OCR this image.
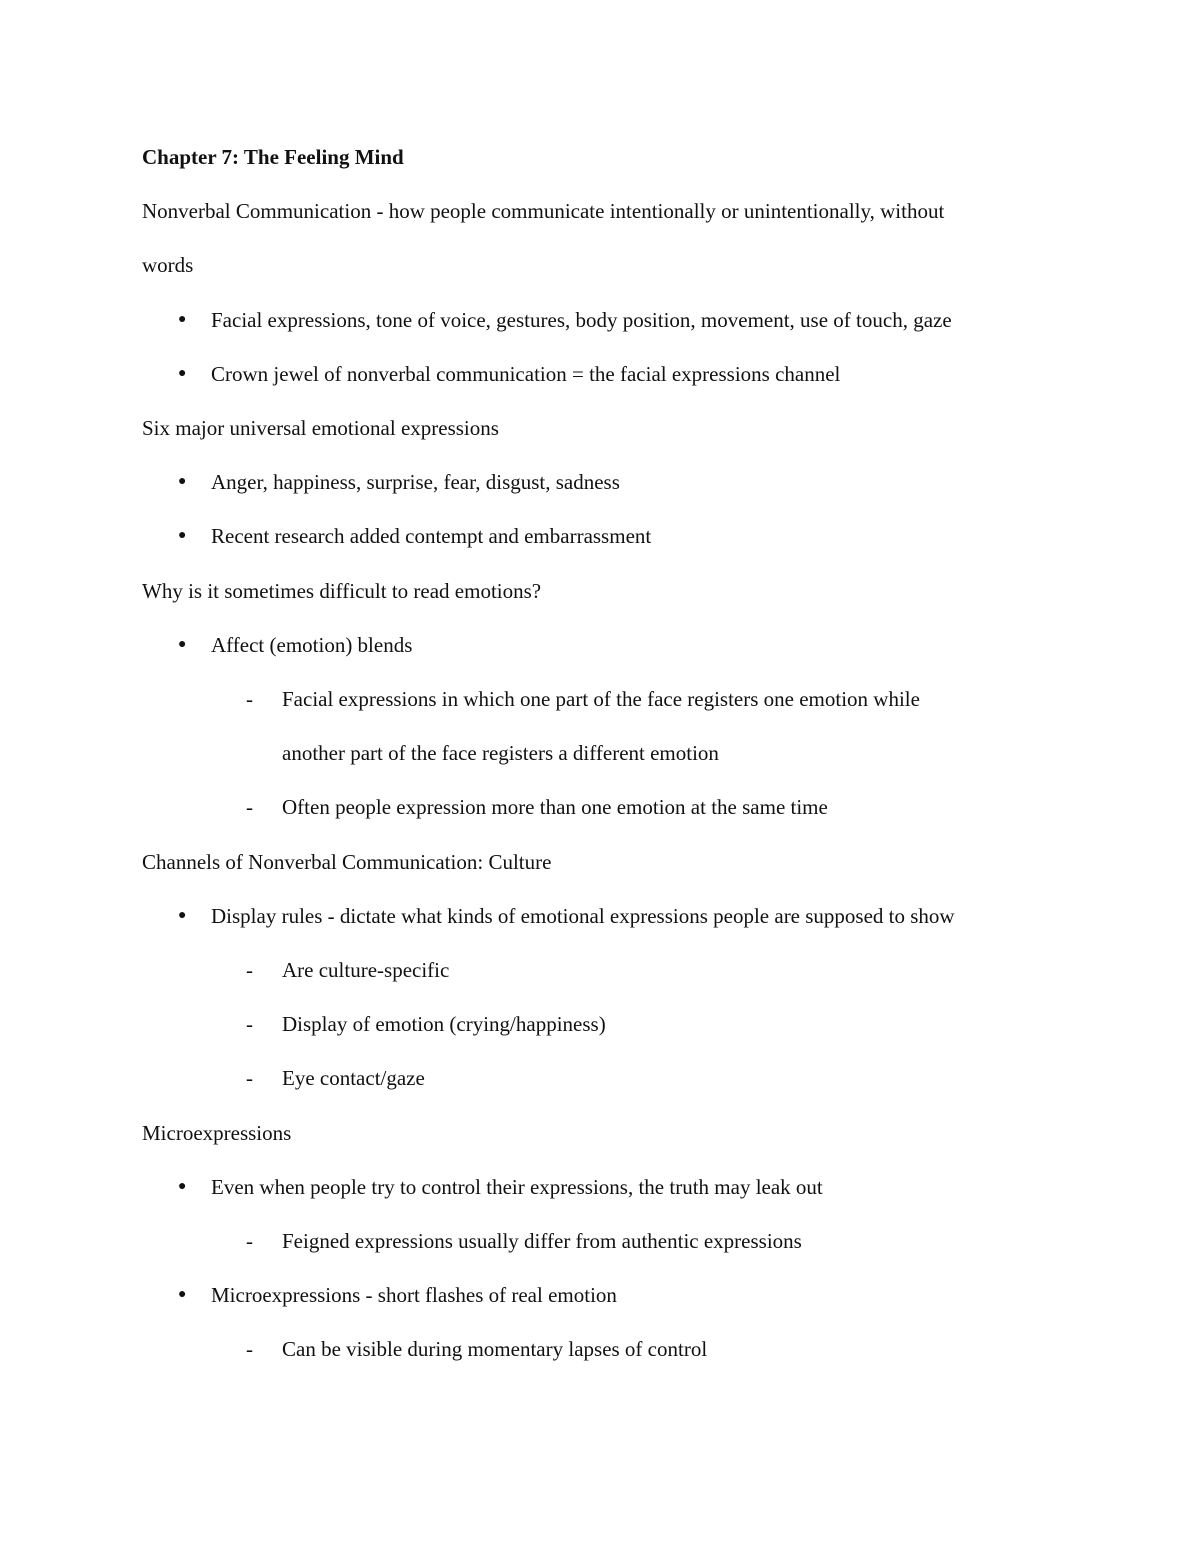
Chapter 7: The Feeling Mind
Nonverbal Communication - how people communicate intentionally or unintentionally, without
words
● Facial expressions, tone of voice, gestures, body position, movement, use of touch, gaze
● Crown jewel of nonverbal communication = the facial expressions channel
Six major universal emotional expressions
● Anger, happiness, surprise, fear, disgust, sadness
● Recent research added contempt and embarrassment
Why is it sometimes difficult to read emotions?
● Affect (emotion) blends
- Facial expressions in which one part of the face registers one emotion while
another part of the face registers a different emotion
- Often people expression more than one emotion at the same time
Channels of Nonverbal Communication: Culture
● Display rules - dictate what kinds of emotional expressions people are supposed to show
- Are culture-specific
- Display of emotion (crying/happiness)
- Eye contact/gaze
Microexpressions
● Even when people try to control their expressions, the truth may leak out
- Feigned expressions usually differ from authentic expressions
● Microexpressions - short flashes of real emotion
- Can be visible during momentary lapses of control
